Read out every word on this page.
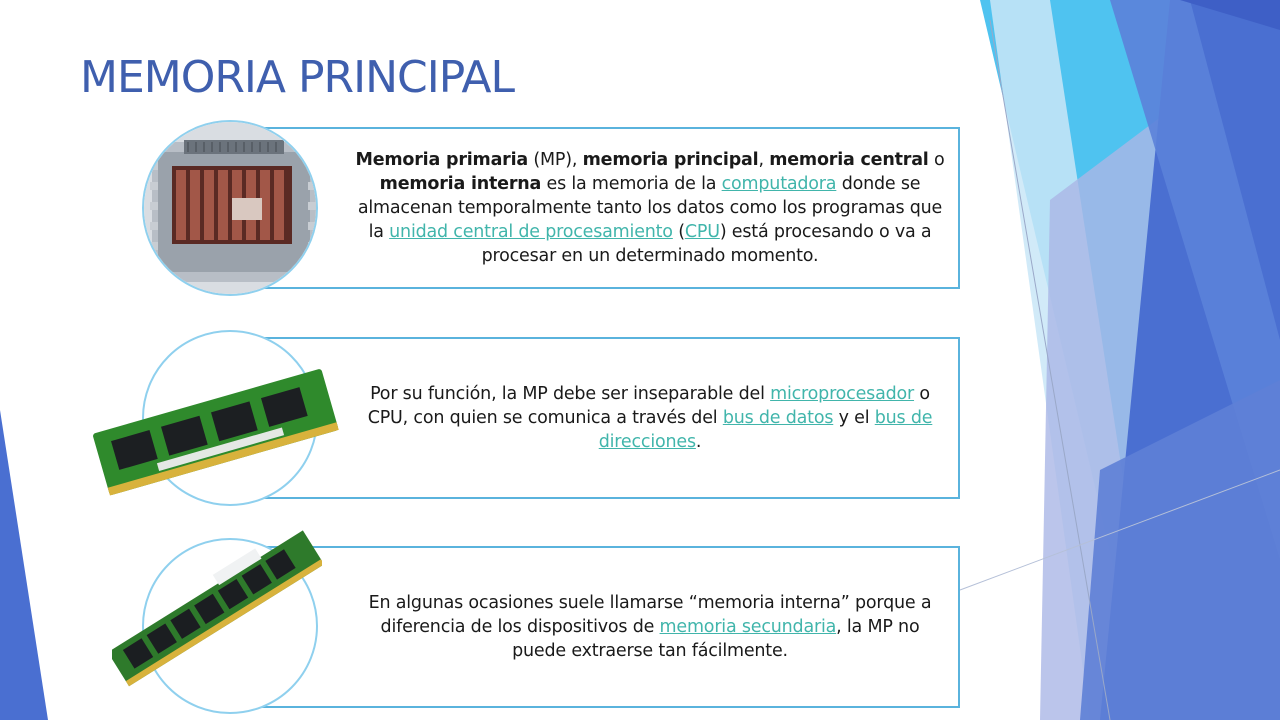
MEMORIA PRINCIPAL

Memoria primaria (MP), memoria principal, memoria central o memoria interna es la memoria de la computadora donde se almacenan temporalmente tanto los datos como los programas que la unidad central de procesamiento (CPU) está procesando o va a procesar en un determinado momento.

Por su función, la MP debe ser inseparable del microprocesador o CPU, con quien se comunica a través del bus de datos y el bus de direcciones.

En algunas ocasiones suele llamarse “memoria interna” porque a diferencia de los dispositivos de memoria secundaria, la MP no puede extraerse tan fácilmente.
